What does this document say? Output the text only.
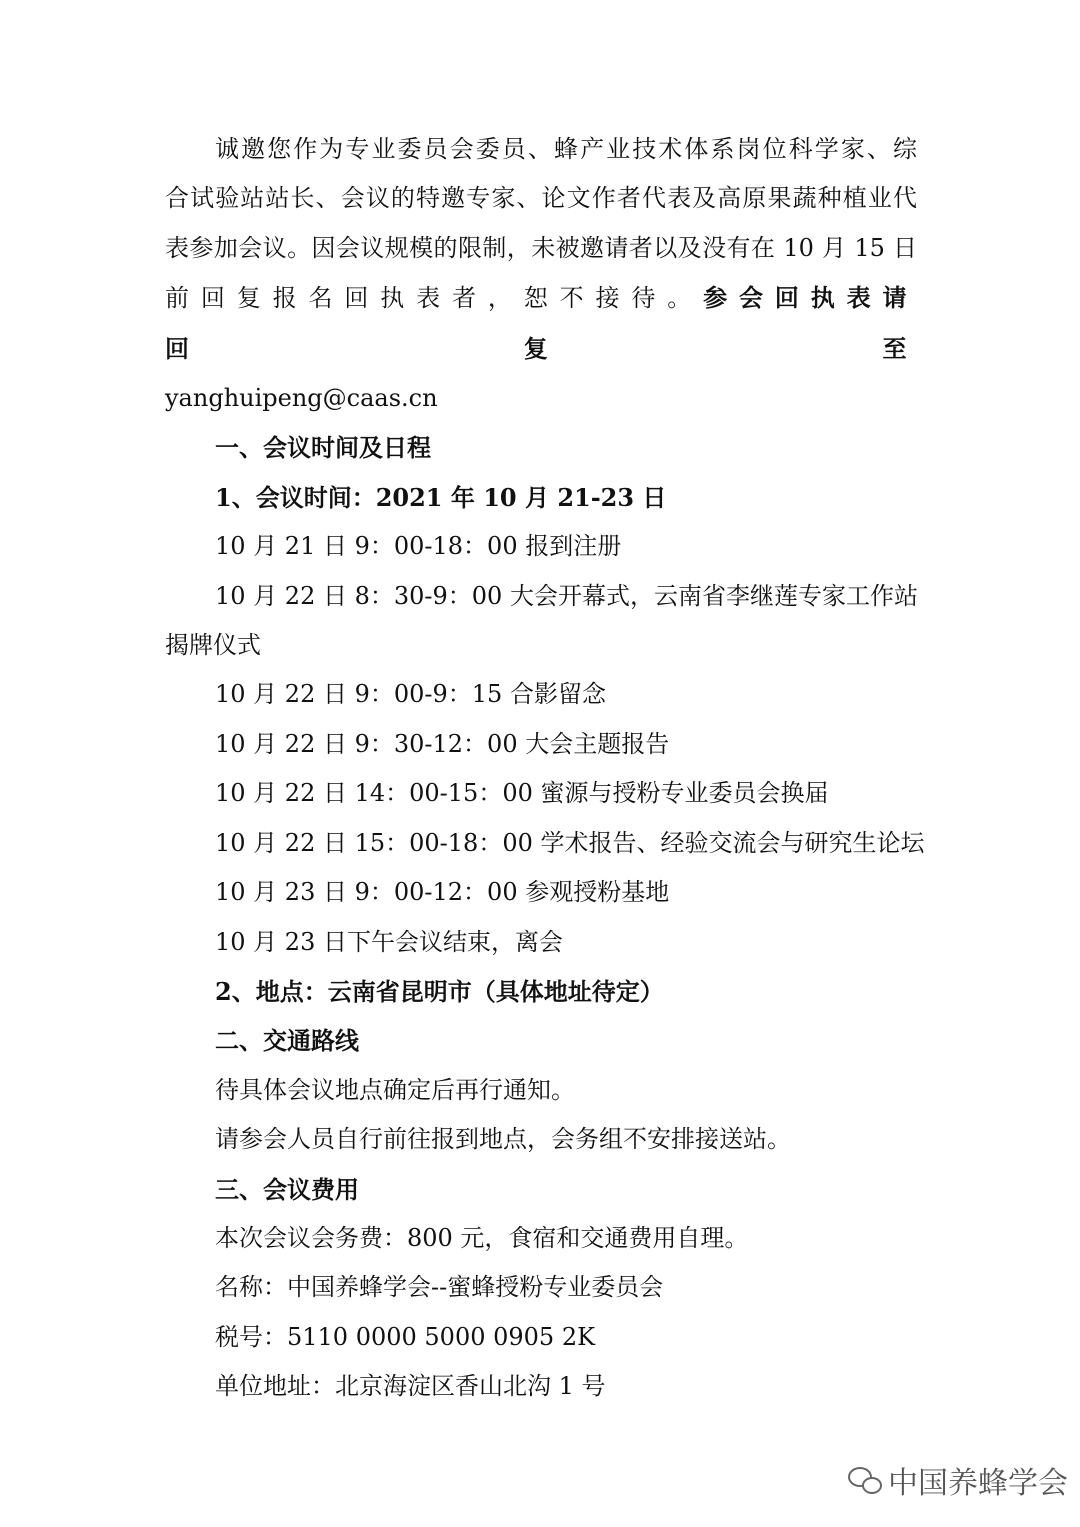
诚邀您作为专业委员会委员、蜂产业技术体系岗位科学家、综
合试验站站长、会议的特邀专家、论文作者代表及高原果蔬种植业代
表参加会议。因会议规模的限制，未被邀请者以及没有在 10 月 15 日
前回复报名回执表者，恕不接待。参会回执表请回复至

yanghuipeng@caas.cn

一、会议时间及日程

1、会议时间：2021 年 10 月 21-23 日

10 月 21 日 9：00-18：00 报到注册

10 月 22 日 8：30-9：00 大会开幕式，云南省李继莲专家工作站

揭牌仪式

10 月 22 日 9：00-9：15 合影留念

10 月 22 日 9：30-12：00 大会主题报告

10 月 22 日 14：00-15：00 蜜源与授粉专业委员会换届

10 月 22 日 15：00-18：00 学术报告、经验交流会与研究生论坛

10 月 23 日 9：00-12：00 参观授粉基地

10 月 23 日下午会议结束，离会

2、地点：云南省昆明市（具体地址待定）

二、交通路线

待具体会议地点确定后再行通知。

请参会人员自行前往报到地点，会务组不安排接送站。

三、会议费用

本次会议会务费：800 元，食宿和交通费用自理。

名称：中国养蜂学会--蜜蜂授粉专业委员会

税号：5110 0000 5000 0905 2K

单位地址：北京海淀区香山北沟 1 号

中国养蜂学会
